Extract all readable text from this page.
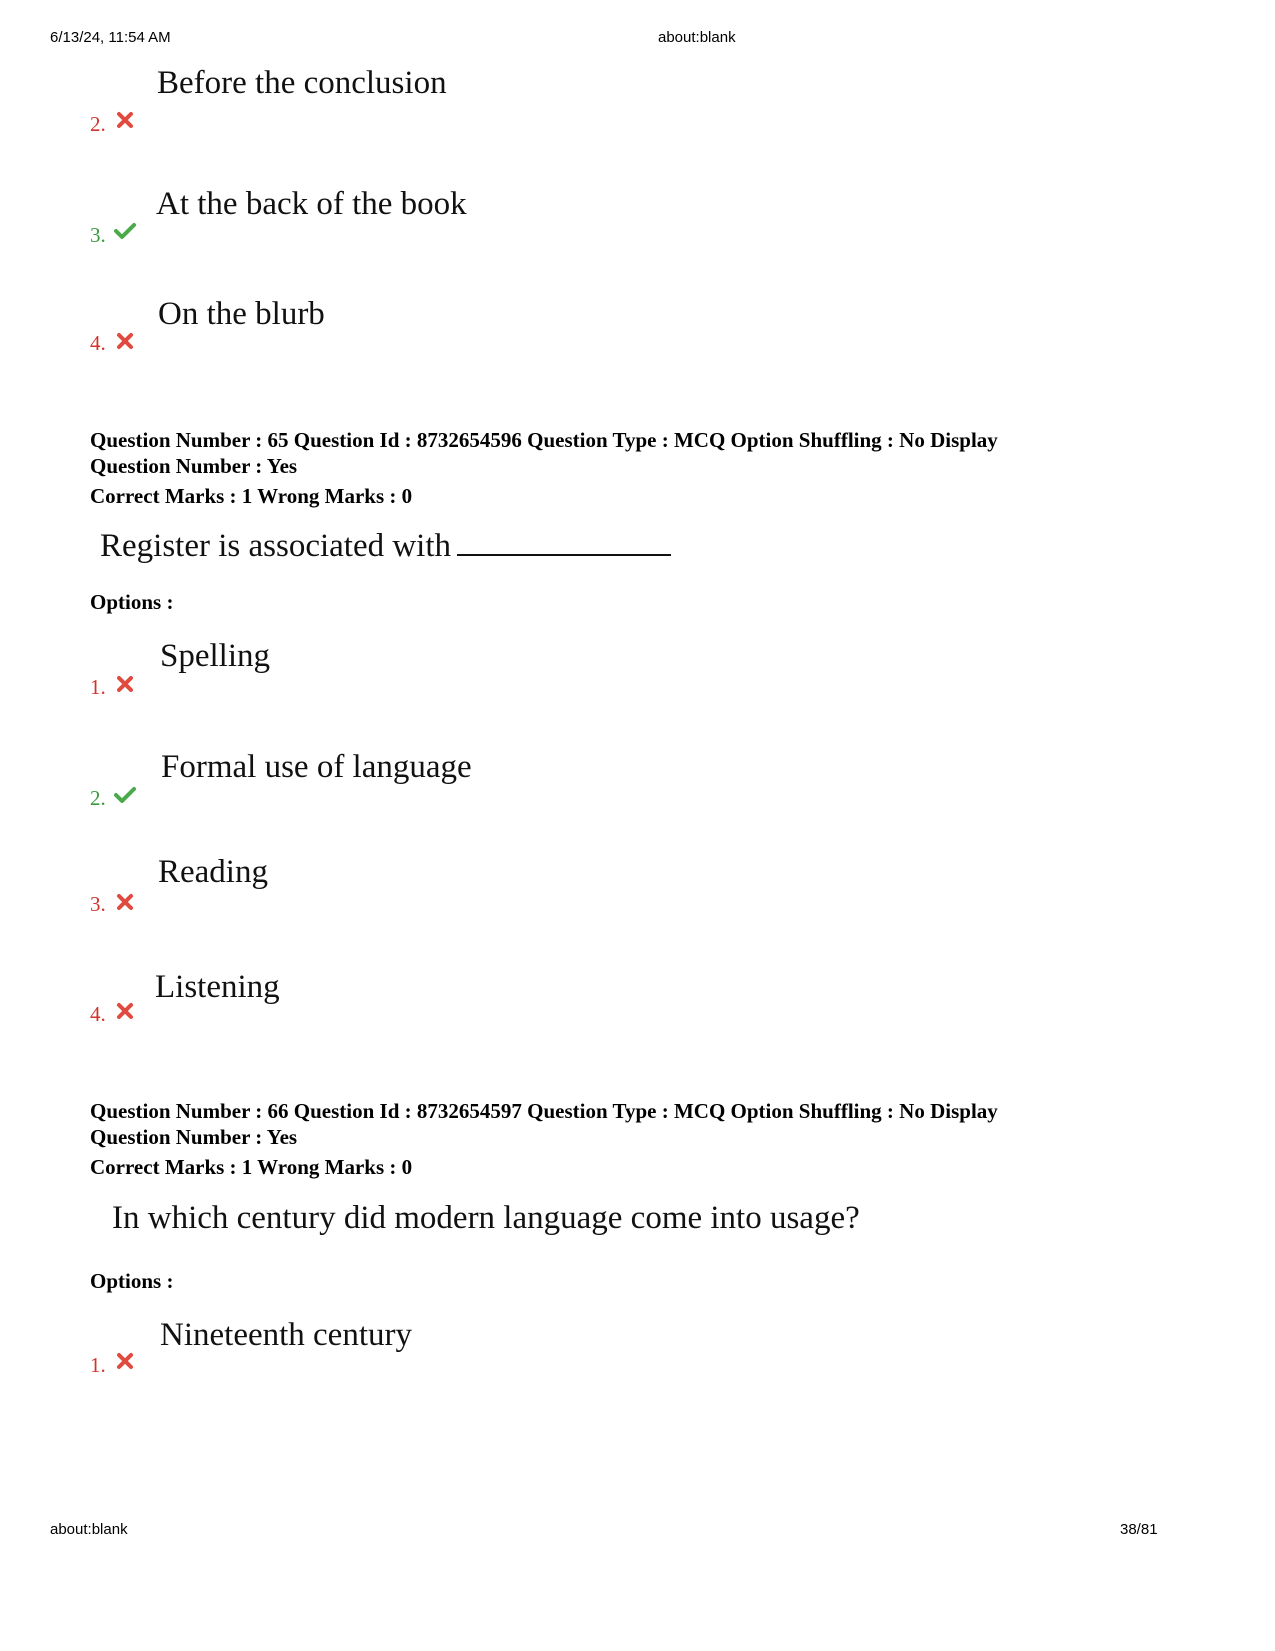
6/13/24, 11:54 AM	about:blank
2.
Before the conclusion
3.
At the back of the book
4.
On the blurb
Question Number : 65 Question Id : 8732654596 Question Type : MCQ Option Shuffling : No Display
Question Number : Yes
Correct Marks : 1 Wrong Marks : 0
Register is associated with
Options :
1.
Spelling
2.
Formal use of language
3.
Reading
4.
Listening
Question Number : 66 Question Id : 8732654597 Question Type : MCQ Option Shuffling : No Display
Question Number : Yes
Correct Marks : 1 Wrong Marks : 0
In which century did modern language come into usage?
Options :
1.
Nineteenth century
about:blank	38/81
